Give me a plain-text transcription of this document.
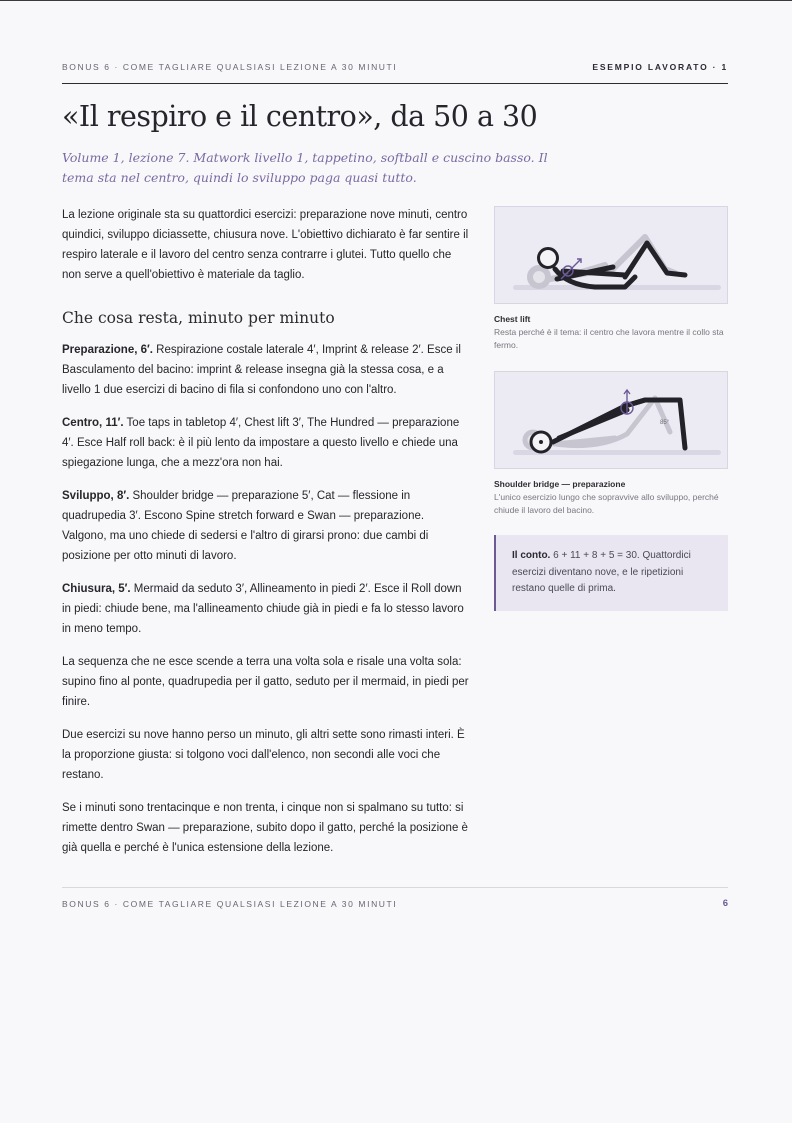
BONUS 6 · COME TAGLIARE QUALSIASI LEZIONE A 30 MINUTI	ESEMPIO LAVORATO · 1
«Il respiro e il centro», da 50 a 30

Volume 1, lezione 7. Matwork livello 1, tappetino, softball e cuscino basso. Il tema sta nel centro, quindi lo sviluppo paga quasi tutto.

La lezione originale sta su quattordici esercizi: preparazione nove minuti, centro quindici, sviluppo diciassette, chiusura nove. L'obiettivo dichiarato è far sentire il respiro laterale e il lavoro del centro senza contrarre i glutei. Tutto quello che non serve a quell'obiettivo è materiale da taglio.

Che cosa resta, minuto per minuto

Preparazione, 6′. Respirazione costale laterale 4′, Imprint & release 2′. Esce il Basculamento del bacino: imprint & release insegna già la stessa cosa, e a livello 1 due esercizi di bacino di fila si confondono uno con l'altro.

Centro, 11′. Toe taps in tabletop 4′, Chest lift 3′, The Hundred — preparazione 4′. Esce Half roll back: è il più lento da impostare a questo livello e chiede una spiegazione lunga, che a mezz'ora non hai.

Sviluppo, 8′. Shoulder bridge — preparazione 5′, Cat — flessione in quadrupedia 3′. Escono Spine stretch forward e Swan — preparazione. Valgono, ma uno chiede di sedersi e l'altro di girarsi prono: due cambi di posizione per otto minuti di lavoro.

Chiusura, 5′. Mermaid da seduto 3′, Allineamento in piedi 2′. Esce il Roll down in piedi: chiude bene, ma l'allineamento chiude già in piedi e fa lo stesso lavoro in meno tempo.

La sequenza che ne esce scende a terra una volta sola e risale una volta sola: supino fino al ponte, quadrupedia per il gatto, seduto per il mermaid, in piedi per finire.

Due esercizi su nove hanno perso un minuto, gli altri sette sono rimasti interi. È la proporzione giusta: si tolgono voci dall'elenco, non secondi alle voci che restano.

Se i minuti sono trentacinque e non trenta, i cinque non si spalmano su tutto: si rimette dentro Swan — preparazione, subito dopo il gatto, perché la posizione è già quella e perché è l'unica estensione della lezione.

Chest lift
Resta perché è il tema: il centro che lavora mentre il collo sta fermo.
85°
Shoulder bridge — preparazione
L'unico esercizio lungo che sopravvive allo sviluppo, perché chiude il lavoro del bacino.
Il conto. 6 + 11 + 8 + 5 = 30. Quattordici esercizi diventano nove, e le ripetizioni restano quelle di prima.
BONUS 6 · COME TAGLIARE QUALSIASI LEZIONE A 30 MINUTI	6
